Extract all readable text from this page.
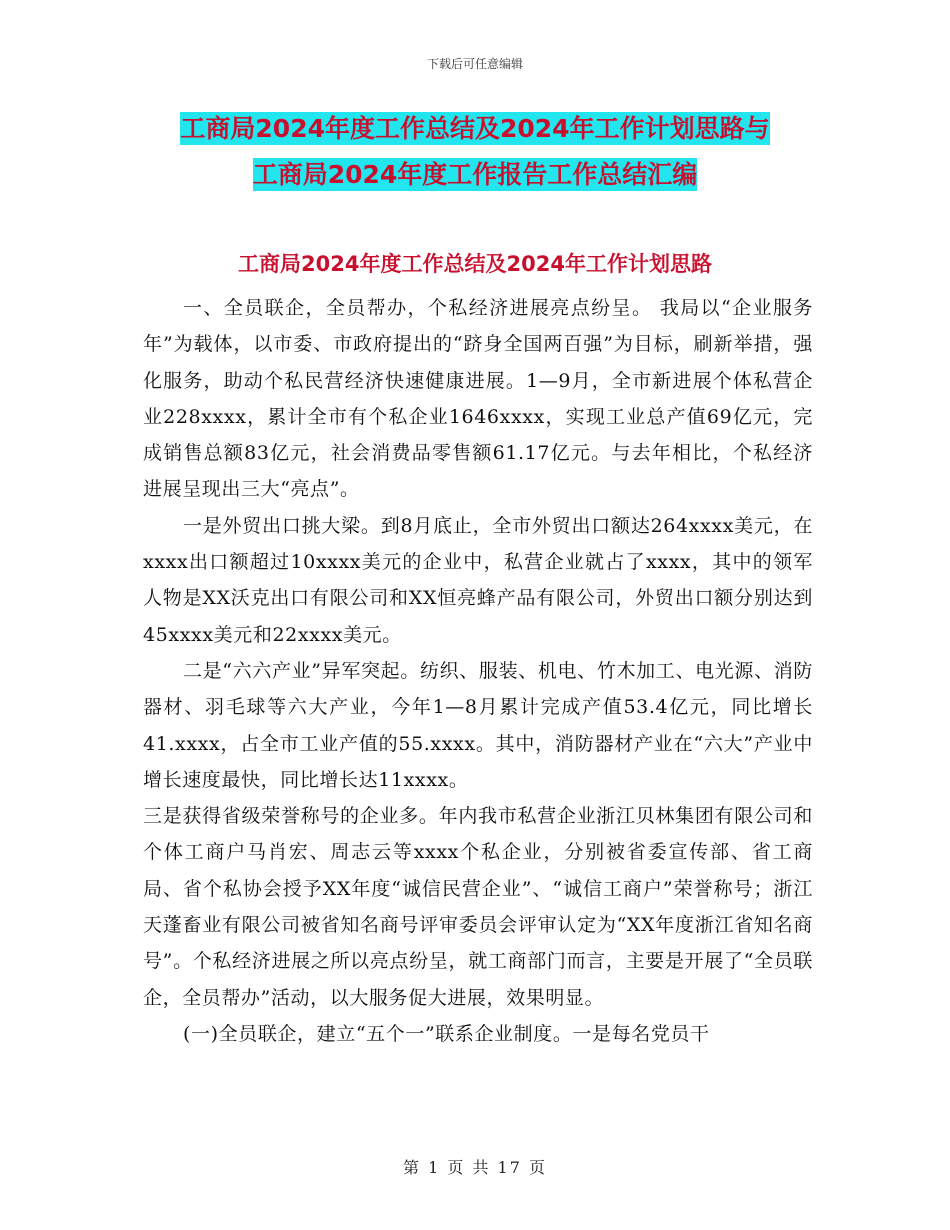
下载后可任意编辑
工商局2024年度工作总结及2024年工作计划思路与
工商局2024年度工作报告工作总结汇编
工商局2024年度工作总结及2024年工作计划思路

一、全员联企，全员帮办，个私经济进展亮点纷呈。 我局以“企业服务年”为载体，以市委、市政府提出的“跻身全国两百强”为目标，刷新举措，强化服务，助动个私民营经济快速健康进展。1—9月，全市新进展个体私营企业228xxxx，累计全市有个私企业1646xxxx，实现工业总产值69亿元，完成销售总额83亿元，社会消费品零售额61.17亿元。与去年相比，个私经济进展呈现出三大“亮点”。

一是外贸出口挑大梁。到8月底止，全市外贸出口额达264xxxx美元，在xxxx出口额超过10xxxx美元的企业中，私营企业就占了xxxx，其中的领军人物是XX沃克出口有限公司和XX恒亮蜂产品有限公司，外贸出口额分别达到45xxxx美元和22xxxx美元。

二是“六六产业”异军突起。纺织、服装、机电、竹木加工、电光源、消防器材、羽毛球等六大产业，今年1—8月累计完成产值53.4亿元，同比增长41.xxxx，占全市工业产值的55.xxxx。其中，消防器材产业在“六大”产业中增长速度最快，同比增长达11xxxx。

三是获得省级荣誉称号的企业多。年内我市私营企业浙江贝林集团有限公司和个体工商户马肖宏、周志云等xxxx个私企业，分别被省委宣传部、省工商局、省个私协会授予XX年度“诚信民营企业”、“诚信工商户”荣誉称号；浙江天蓬畜业有限公司被省知名商号评审委员会评审认定为“XX年度浙江省知名商号”。个私经济进展之所以亮点纷呈，就工商部门而言，主要是开展了“全员联企，全员帮办”活动，以大服务促大进展，效果明显。

(一)全员联企，建立“五个一”联系企业制度。一是每名党员干

第 1 页 共 17 页
